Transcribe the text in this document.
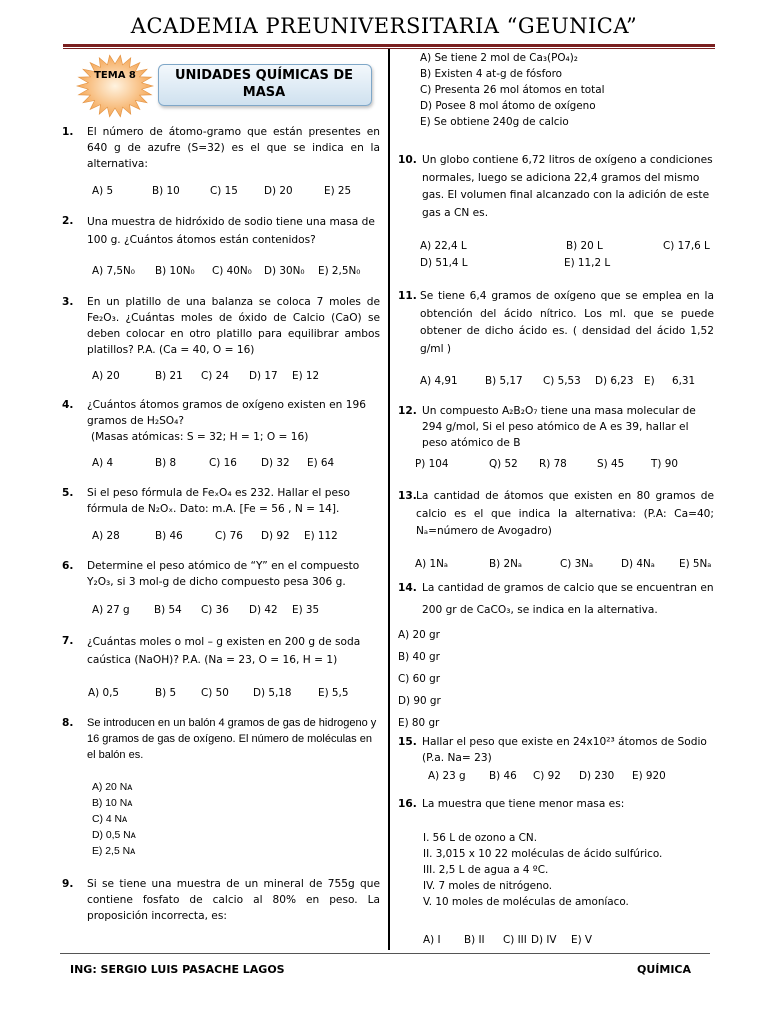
ACADEMIA PREUNIVERSITARIA “GEUNICA”
TEMA 8	UNIDADES QUÍMICAS DE
MASA
1. El número de átomo-gramo que están presentes en 640 g de azufre (S=32) es el que se indica en la alternativa:
A) 5	B) 10	C) 15	D) 20	E) 25
2. Una muestra de hidróxido de sodio tiene una masa de 100 g. ¿Cuántos átomos están contenidos?
A) 7,5N₀ B) 10N₀ C) 40N₀ D) 30N₀ E) 2,5N₀
3. En un platillo de una balanza se coloca 7 moles de Fe₂O₃. ¿Cuántas moles de óxido de Calcio (CaO) se deben colocar en otro platillo para equilibrar ambos platillos? P.A. (Ca = 40, O = 16)
A) 20	B) 21 C) 24 D) 17 E) 12
4. ¿Cuántos átomos gramos de oxígeno existen en 196 gramos de H₂SO₄?
(Masas atómicas: S = 32; H = 1; O = 16)
A) 4	B) 8	C) 16 D) 32 E) 64
5. Si el peso fórmula de FeₓO₄ es 232. Hallar el peso fórmula de N₂Oₓ. Dato: m.A. [Fe = 56 , N = 14].
A) 28	B) 46	C) 76 D) 92 E) 112
6. Determine el peso atómico de “Y” en el compuesto Y₂O₃, si 3 mol-g de dicho compuesto pesa 306 g.
A) 27 g B) 54 C) 36 D) 42 E) 35
7. ¿Cuántas moles o mol – g existen en 200 g de soda caústica (NaOH)? P.A. (Na = 23, O = 16, H = 1)
A) 0,5	B) 5 C) 50 D) 5,18	E) 5,5
8. Se introducen en un balón 4 gramos de gas de hidrogeno y 16 gramos de gas de oxígeno. El número de moléculas en el balón es.
A) 20 Nᴀ
B) 10 Nᴀ
C) 4 Nᴀ
D) 0,5 Nᴀ
E) 2,5 Nᴀ
9. Si se tiene una muestra de un mineral de 755g que contiene fosfato de calcio al 80% en peso. La proposición incorrecta, es:
A) Se tiene 2 mol de Ca₃(PO₄)₂
B) Existen 4 at-g de fósforo
C) Presenta 26 mol átomos en total
D) Posee 8 mol átomo de oxígeno
E) Se obtiene 240g de calcio
10. Un globo contiene 6,72 litros de oxígeno a condiciones normales, luego se adiciona 22,4 gramos del mismo gas. El volumen final alcanzado con la adición de este gas a CN es.
A) 22,4 L	B) 20 L	C) 17,6 L
D) 51,4 L	E) 11,2 L
11. Se tiene 6,4 gramos de oxígeno que se emplea en la obtención del ácido nítrico. Los ml. que se puede obtener de dicho ácido es. ( densidad del ácido 1,52 g/ml )
A) 4,91	B) 5,17 C) 5,53 D) 6,23 E) 6,31
12. Un compuesto A₂B₂O₇ tiene una masa molecular de 294 g/mol, Si el peso atómico de A es 39, hallar el peso atómico de B
P) 104	Q) 52 R) 78	S) 45	T) 90
13. La cantidad de átomos que existen en 80 gramos de calcio es el que indica la alternativa: (P.A: Ca=40; Nₐ=número de Avogadro)
A) 1Nₐ	B) 2Nₐ	C) 3Nₐ	D) 4Nₐ E) 5Nₐ
14. La cantidad de gramos de calcio que se encuentran en
200 gr de CaCO₃, se indica en la alternativa.
A) 20 gr
B) 40 gr
C) 60 gr
D) 90 gr
E) 80 gr
15. Hallar el peso que existe en 24x10²³ átomos de Sodio (P.a. Na= 23)
A) 23 g B) 46 C) 92 D) 230 E) 920
16. La muestra que tiene menor masa es:
I. 56 L de ozono a CN.
II. 3,015 x 10 22 moléculas de ácido sulfúrico.
III. 2,5 L de agua a 4 ºC.
IV. 7 moles de nitrógeno.
V. 10 moles de moléculas de amoníaco.
A) I B) II C) III D) IV E) V
ING: SERGIO LUIS PASACHE LAGOS	QUÍMICA
